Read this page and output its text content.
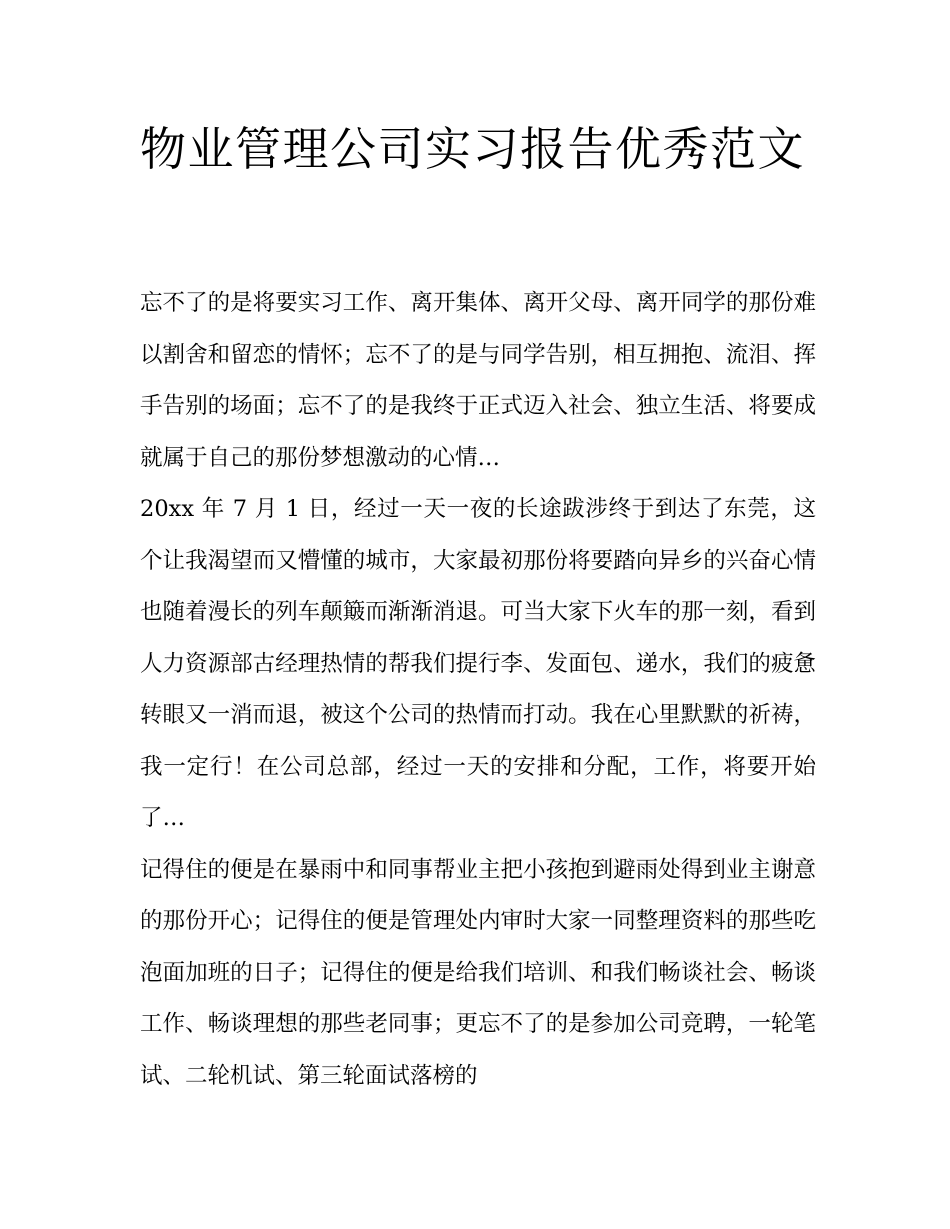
物业管理公司实习报告优秀范文

忘不了的是将要实习工作、离开集体、离开父母、离开同学的那份难以割舍和留恋的情怀；忘不了的是与同学告别，相互拥抱、流泪、挥手告别的场面；忘不了的是我终于正式迈入社会、独立生活、将要成就属于自己的那份梦想激动的心情…

20xx 年 7 月 1 日，经过一天一夜的长途跋涉终于到达了东莞，这个让我渴望而又懵懂的城市，大家最初那份将要踏向异乡的兴奋心情也随着漫长的列车颠簸而渐渐消退。可当大家下火车的那一刻，看到人力资源部古经理热情的帮我们提行李、发面包、递水，我们的疲惫转眼又一消而退，被这个公司的热情而打动。我在心里默默的祈祷，我一定行！在公司总部，经过一天的安排和分配，工作，将要开始了…

记得住的便是在暴雨中和同事帮业主把小孩抱到避雨处得到业主谢意的那份开心；记得住的便是管理处内审时大家一同整理资料的那些吃泡面加班的日子；记得住的便是给我们培训、和我们畅谈社会、畅谈工作、畅谈理想的那些老同事；更忘不了的是参加公司竞聘，一轮笔试、二轮机试、第三轮面试落榜的
